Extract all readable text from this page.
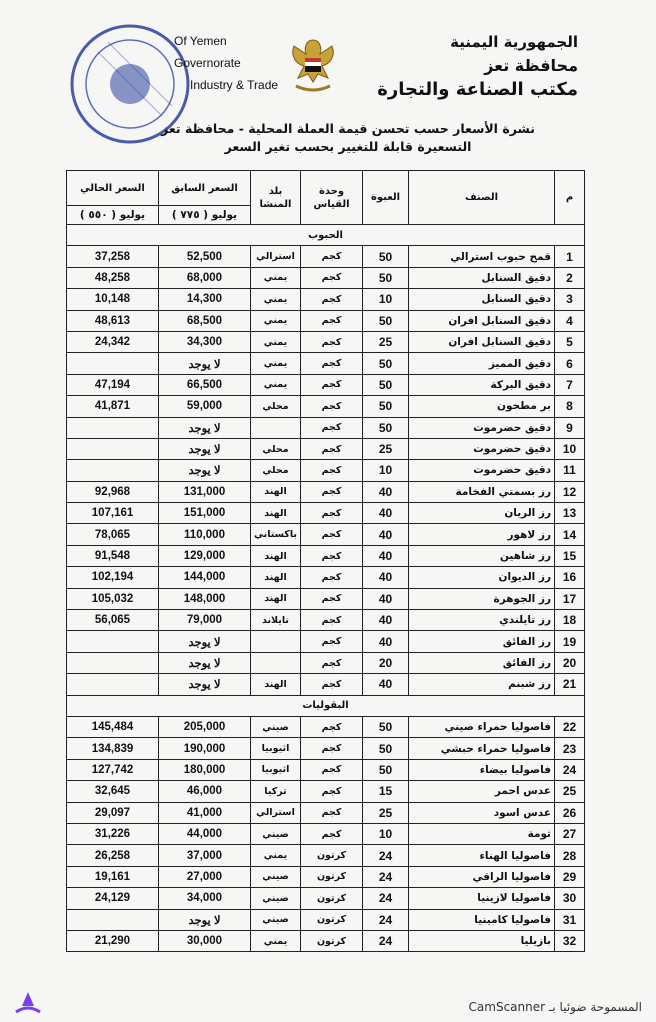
الجمهورية اليمنية
محافظة تعز
مكتب الصناعة والتجارة
Of Yemen
Governorate
Industry & Trade
نشرة الأسعار حسب تحسن قيمة العملة المحلية - محافظة تعز
التسعيرة قابلة للتغيير بحسب تغير السعر
م	الصنف	العبوة	وحدة القياس	بلد المنشا	السعر السابق	السعر الحالي
					يوليو ( ٧٧٥ )	يوليو ( ٥٥٠ )
الحبوب						
1	قمح حبوب استرالي	50	كجم	استرالي	52,500	37,258
2	دقيق السنابل	50	كجم	يمني	68,000	48,258
3	دقيق السنابل	10	كجم	يمني	14,300	10,148
4	دقيق السنابل افران	50	كجم	يمني	68,500	48,613
5	دقيق السنابل افران	25	كجم	يمني	34,300	24,342
6	دقيق المميز	50	كجم	يمني	لا يوجد	
7	دقيق البركة	50	كجم	يمني	66,500	47,194
8	بر مطحون	50	كجم	محلي	59,000	41,871
9	دقيق حضرموت	50	كجم		لا يوجد	
10	دقيق حضرموت	25	كجم	محلي	لا يوجد	
11	دقيق حضرموت	10	كجم	محلي	لا يوجد	
12	رز بسمتي الفخامة	40	كجم	الهند	131,000	92,968
13	رز الريان	40	كجم	الهند	151,000	107,161
14	رز لاهور	40	كجم	باكستاني	110,000	78,065
15	رز شاهين	40	كجم	الهند	129,000	91,548
16	رز الديوان	40	كجم	الهند	144,000	102,194
17	رز الجوهرة	40	كجم	الهند	148,000	105,032
18	رز تايلندي	40	كجم	تايلاند	79,000	56,065
19	رز الفائق	40	كجم		لا يوجد	
20	رز الفائق	20	كجم		لا يوجد	
21	رز شبنم	40	كجم	الهند	لا يوجد	
البقوليات						
22	فاصوليا حمراء صيني	50	كجم	صيني	205,000	145,484
23	فاصوليا حمراء حبشي	50	كجم	اثيوبيا	190,000	134,839
24	فاصوليا بيضاء	50	كجم	اثيوبيا	180,000	127,742
25	عدس احمر	15	كجم	تركيا	46,000	32,645
26	عدس اسود	25	كجم	استرالي	41,000	29,097
27	ثومة	10	كجم	صيني	44,000	31,226
28	فاصوليا الهناء	24	كرتون	يمني	37,000	26,258
29	فاصوليا الراقي	24	كرتون	صيني	27,000	19,161
30	فاصوليا لازينيا	24	كرتون	صيني	34,000	24,129
31	فاصوليا كامينيا	24	كرتون	صيني	لا يوجد	
32	بازيليا	24	كرتون	يمني	30,000	21,290
المسموحة ضوئيا بـ CamScanner
